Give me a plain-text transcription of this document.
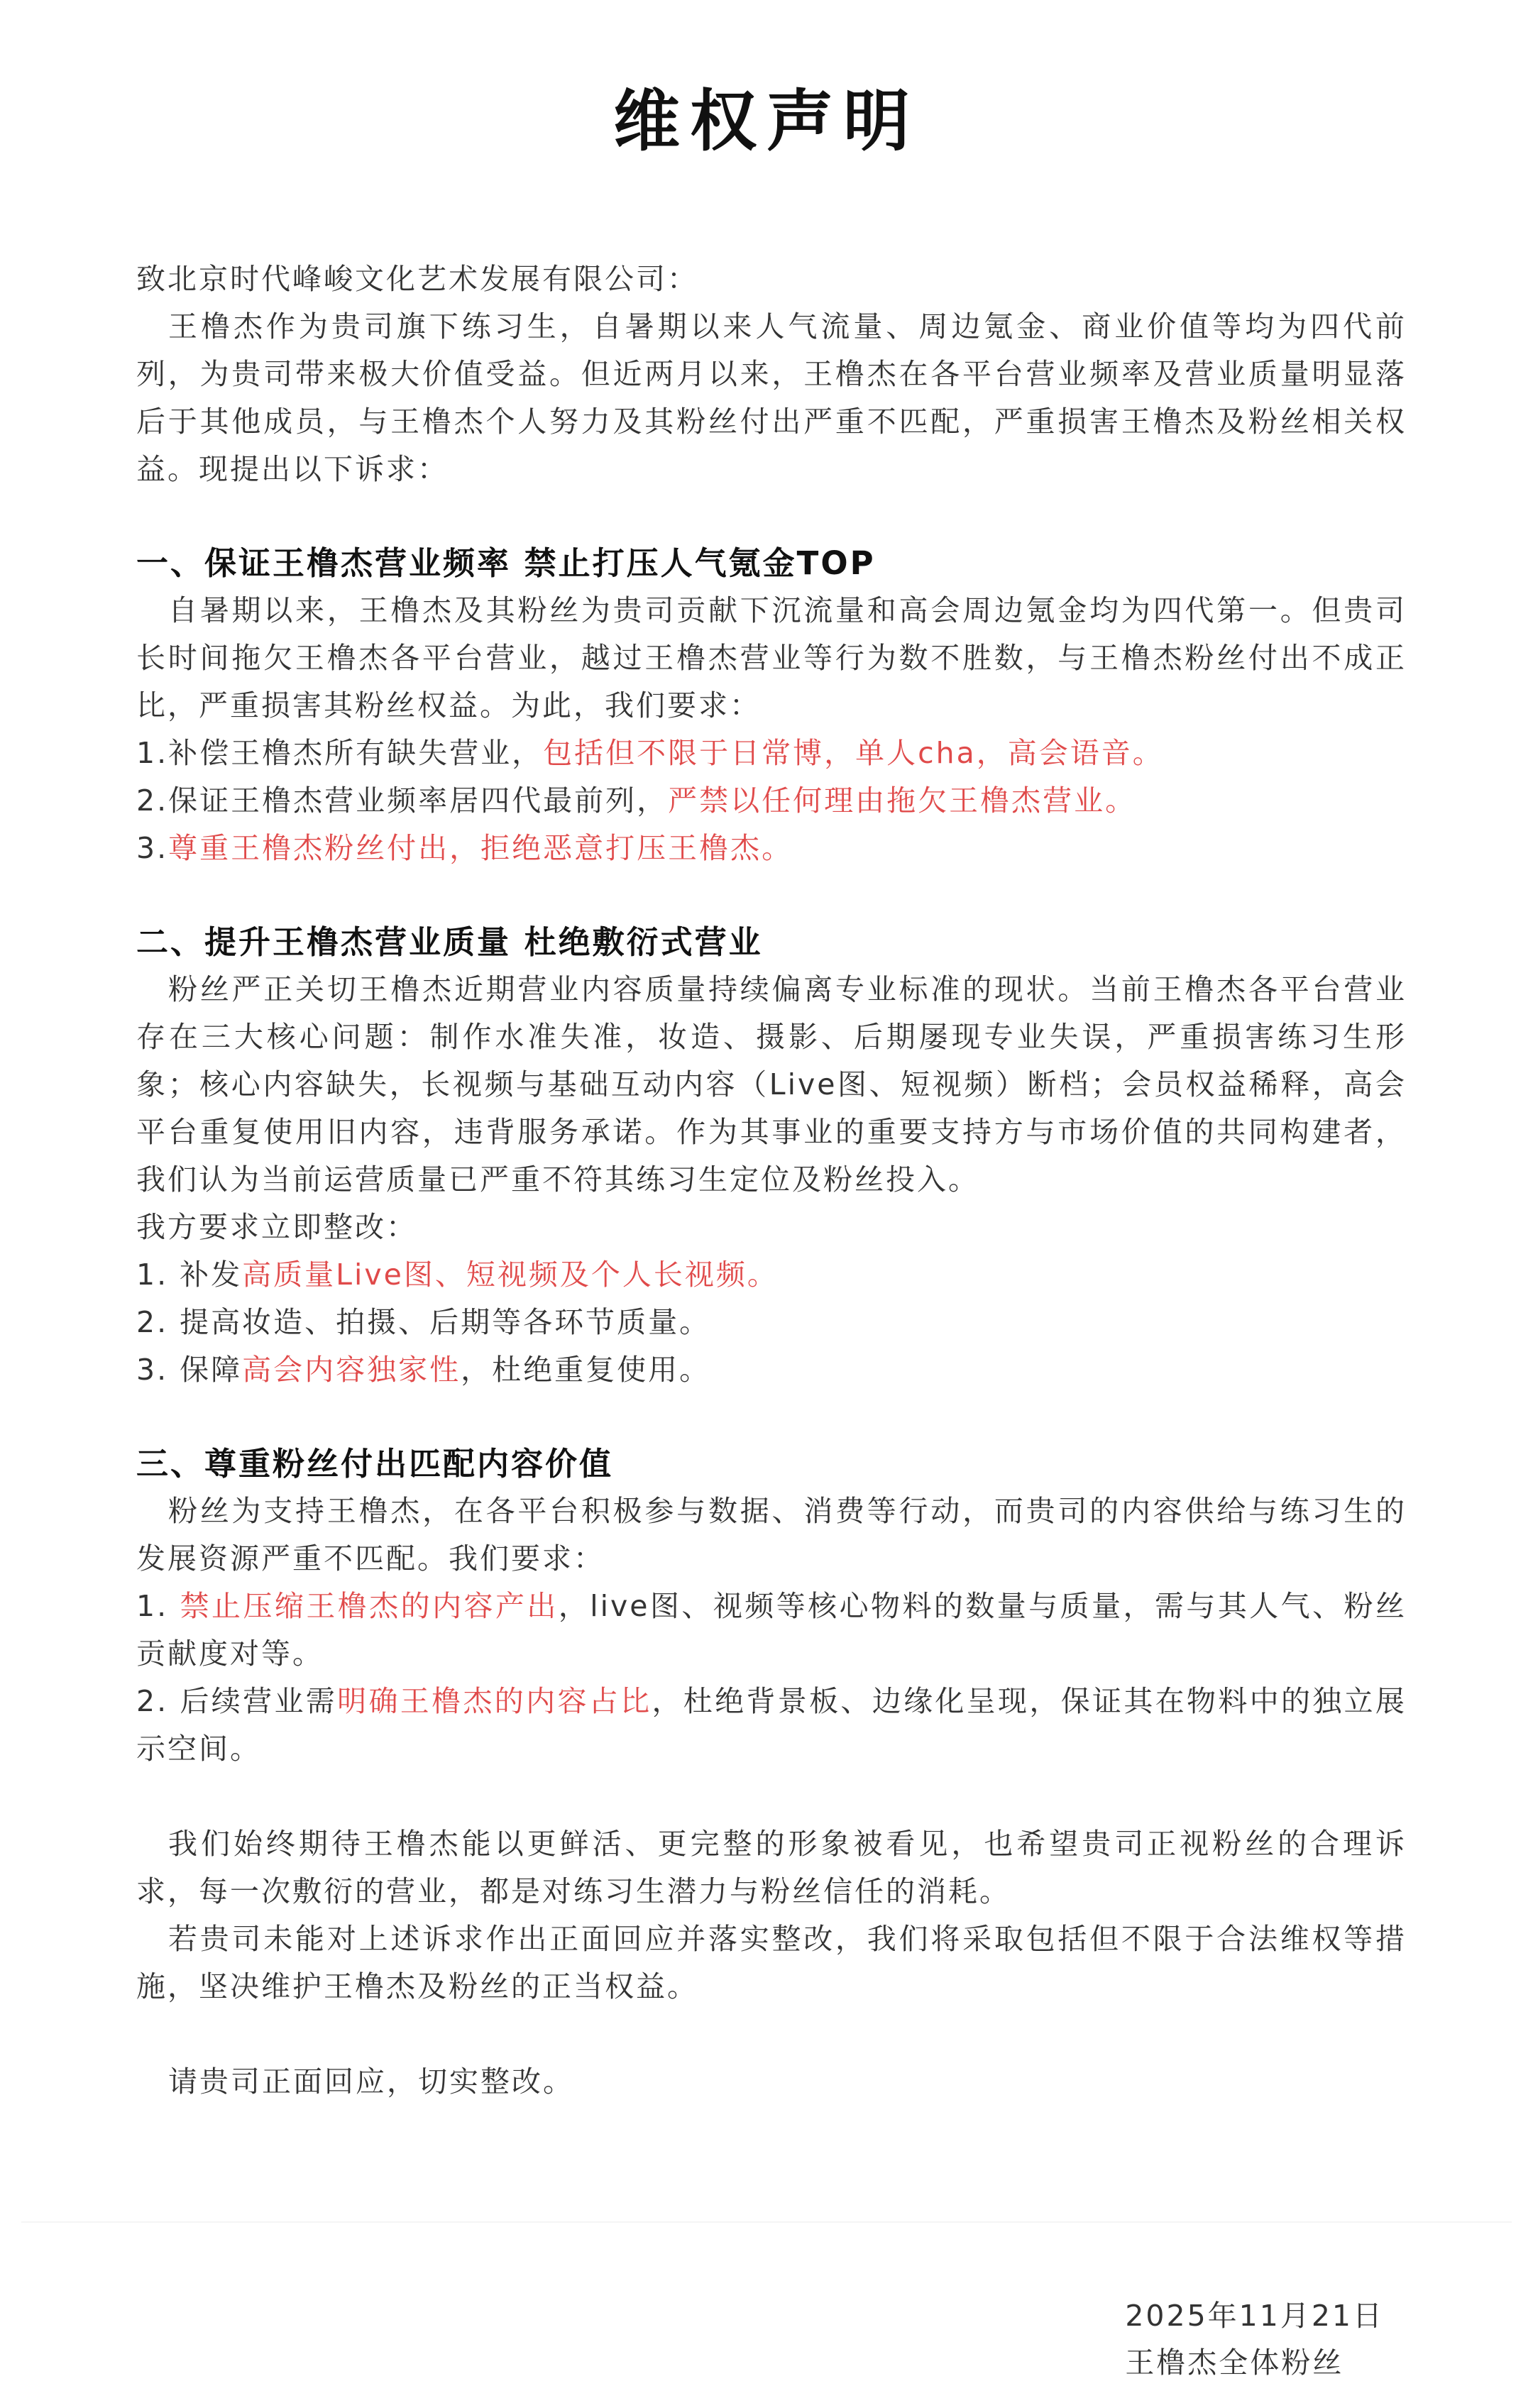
维权声明

致北京时代峰峻文化艺术发展有限公司：

王橹杰作为贵司旗下练习生，自暑期以来人气流量、周边氪金、商业价值等均为四代前列，为贵司带来极大价值受益。但近两月以来，王橹杰在各平台营业频率及营业质量明显落后于其他成员，与王橹杰个人努力及其粉丝付出严重不匹配，严重损害王橹杰及粉丝相关权益。现提出以下诉求：

一、保证王橹杰营业频率 禁止打压人气氪金TOP

自暑期以来，王橹杰及其粉丝为贵司贡献下沉流量和高会周边氪金均为四代第一。但贵司长时间拖欠王橹杰各平台营业，越过王橹杰营业等行为数不胜数，与王橹杰粉丝付出不成正比，严重损害其粉丝权益。为此，我们要求：

1.补偿王橹杰所有缺失营业，包括但不限于日常博，单人cha，高会语音。

2.保证王橹杰营业频率居四代最前列，严禁以任何理由拖欠王橹杰营业。

3.尊重王橹杰粉丝付出，拒绝恶意打压王橹杰。

二、提升王橹杰营业质量 杜绝敷衍式营业

粉丝严正关切王橹杰近期营业内容质量持续偏离专业标准的现状。当前王橹杰各平台营业存在三大核心问题：制作水准失准，妆造、摄影、后期屡现专业失误，严重损害练习生形象；核心内容缺失，长视频与基础互动内容（Live图、短视频）断档；会员权益稀释，高会平台重复使用旧内容，违背服务承诺。作为其事业的重要支持方与市场价值的共同构建者，我们认为当前运营质量已严重不符其练习生定位及粉丝投入。

我方要求立即整改：

1. 补发高质量Live图、短视频及个人长视频。

2. 提高妆造、拍摄、后期等各环节质量。

3. 保障高会内容独家性，杜绝重复使用。

三、尊重粉丝付出匹配内容价值

粉丝为支持王橹杰，在各平台积极参与数据、消费等行动，而贵司的内容供给与练习生的发展资源严重不匹配。我们要求：

1. 禁止压缩王橹杰的内容产出，live图、视频等核心物料的数量与质量，需与其人气、粉丝贡献度对等。

2. 后续营业需明确王橹杰的内容占比，杜绝背景板、边缘化呈现，保证其在物料中的独立展示空间。

我们始终期待王橹杰能以更鲜活、更完整的形象被看见，也希望贵司正视粉丝的合理诉求，每一次敷衍的营业，都是对练习生潜力与粉丝信任的消耗。

若贵司未能对上述诉求作出正面回应并落实整改，我们将采取包括但不限于合法维权等措施，坚决维护王橹杰及粉丝的正当权益。

请贵司正面回应，切实整改。

2025年11月21日
王橹杰全体粉丝
